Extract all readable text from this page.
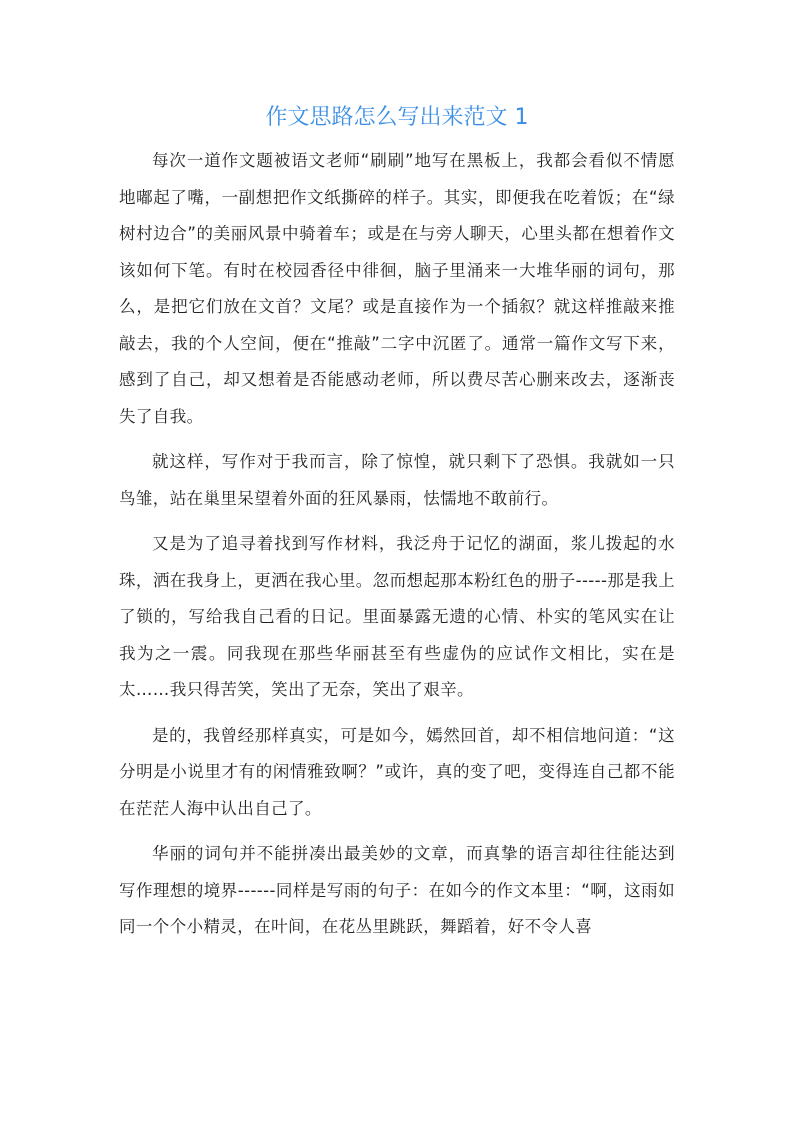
作文思路怎么写出来范文 1

每次一道作文题被语文老师“刷刷”地写在黑板上，我都会看似不情愿地嘟起了嘴，一副想把作文纸撕碎的样子。其实，即便我在吃着饭；在“绿树村边合”的美丽风景中骑着车；或是在与旁人聊天，心里头都在想着作文该如何下笔。有时在校园香径中徘徊，脑子里涌来一大堆华丽的词句，那么，是把它们放在文首？文尾？或是直接作为一个插叙？就这样推敲来推敲去，我的个人空间，便在“推敲”二字中沉匿了。通常一篇作文写下来，感到了自己，却又想着是否能感动老师，所以费尽苦心删来改去，逐渐丧失了自我。

就这样，写作对于我而言，除了惊惶，就只剩下了恐惧。我就如一只鸟雏，站在巢里呆望着外面的狂风暴雨，怯懦地不敢前行。

又是为了追寻着找到写作材料，我泛舟于记忆的湖面，浆儿拨起的水珠，洒在我身上，更洒在我心里。忽而想起那本粉红色的册子-----那是我上了锁的，写给我自己看的日记。里面暴露无遗的心情、朴实的笔风实在让我为之一震。同我现在那些华丽甚至有些虚伪的应试作文相比，实在是太……我只得苦笑，笑出了无奈，笑出了艰辛。

是的，我曾经那样真实，可是如今，嫣然回首，却不相信地问道：“这分明是小说里才有的闲情雅致啊？”或许，真的变了吧，变得连自己都不能在茫茫人海中认出自己了。

华丽的词句并不能拼凑出最美妙的文章，而真挚的语言却往往能达到写作理想的境界------同样是写雨的句子：在如今的作文本里：“啊，这雨如同一个个小精灵，在叶间，在花丛里跳跃，舞蹈着，好不令人喜
